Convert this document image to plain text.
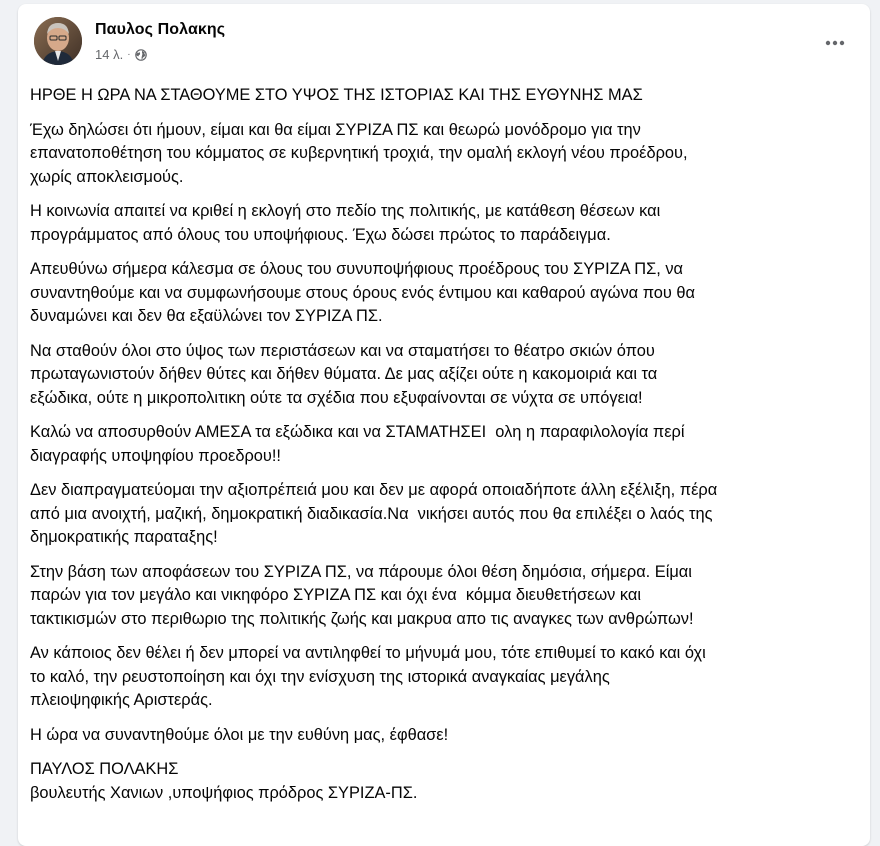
Παυλος Πολακης
14 λ. ·

ΗΡΘΕ Η ΩΡΑ ΝΑ ΣΤΑΘΟΥΜΕ ΣΤΟ ΥΨΟΣ ΤΗΣ ΙΣΤΟΡΙΑΣ ΚΑΙ ΤΗΣ ΕΥΘΥΝΗΣ ΜΑΣ

Έχω δηλώσει ότι ήμουν, είμαι και θα είμαι ΣΥΡΙΖΑ ΠΣ και θεωρώ μονόδρομο για την
επανατοποθέτηση του κόμματος σε κυβερνητική τροχιά, την ομαλή εκλογή νέου προέδρου,
χωρίς αποκλεισμούς.

Η κοινωνία απαιτεί να κριθεί η εκλογή στο πεδίο της πολιτικής, με κατάθεση θέσεων και
προγράμματος από όλους του υποψήφιους. Έχω δώσει πρώτος το παράδειγμα.

Απευθύνω σήμερα κάλεσμα σε όλους του συνυποψήφιους προέδρους του ΣΥΡΙΖΑ ΠΣ, να
συναντηθούμε και να συμφωνήσουμε στους όρους ενός έντιμου και καθαρού αγώνα που θα
δυναμώνει και δεν θα εξαϋλώνει τον ΣΥΡΙΖΑ ΠΣ.

Να σταθούν όλοι στο ύψος των περιστάσεων και να σταματήσει το θέατρο σκιών όπου
πρωταγωνιστούν δήθεν θύτες και δήθεν θύματα. Δε μας αξίζει ούτε η κακομοιριά και τα
εξώδικα, ούτε η μικροπολιτικη ούτε τα σχέδια που εξυφαίνονται σε νύχτα σε υπόγεια!

Καλώ να αποσυρθούν ΑΜΕΣΑ τα εξώδικα και να ΣΤΑΜΑΤΗΣΕΙ  ολη η παραφιλολογία περί
διαγραφής υποψηφίου προεδρου!!

Δεν διαπραγματεύομαι την αξιοπρέπειά μου και δεν με αφορά οποιαδήποτε άλλη εξέλιξη, πέρα
από μια ανοιχτή, μαζική, δημοκρατική διαδικασία.Να  νικήσει αυτός που θα επιλέξει ο λαός της
δημοκρατικής παραταξης!

Στην βάση των αποφάσεων του ΣΥΡΙΖΑ ΠΣ, να πάρουμε όλοι θέση δημόσια, σήμερα. Είμαι
παρών για τον μεγάλο και νικηφόρο ΣΥΡΙΖΑ ΠΣ και όχι ένα  κόμμα διευθετήσεων και
τακτικισμών στο περιθωριο της πολιτικής ζωής και μακρυα απο τις αναγκες των ανθρώπων!

Αν κάποιος δεν θέλει ή δεν μπορεί να αντιληφθεί το μήνυμά μου, τότε επιθυμεί το κακό και όχι
το καλό, την ρευστοποίηση και όχι την ενίσχυση της ιστορικά αναγκαίας μεγάλης
πλειοψηφικής Αριστεράς.

Η ώρα να συναντηθούμε όλοι με την ευθύνη μας, έφθασε!

ΠΑΥΛΟΣ ΠΟΛΑΚΗΣ

βουλευτής Χανιων ,υποψήφιος πρόδρος ΣΥΡΙΖΑ-ΠΣ.
